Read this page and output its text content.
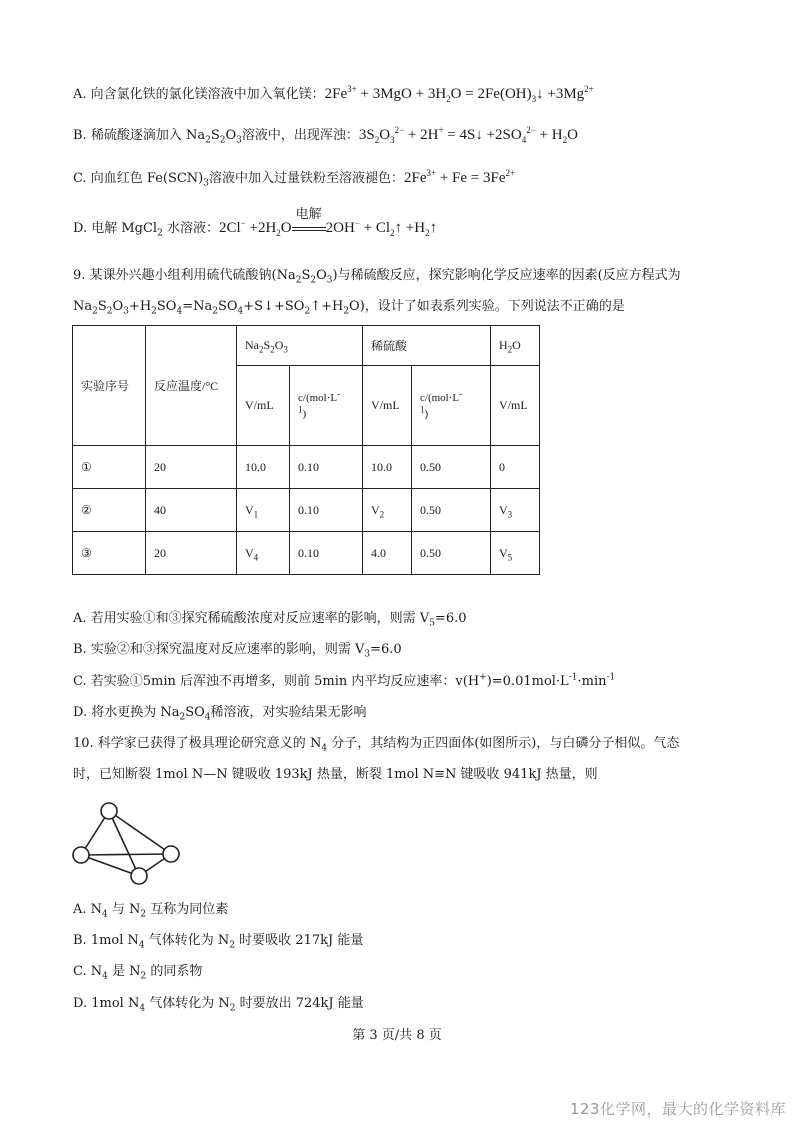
A. 向含氯化铁的氯化镁溶液中加入氧化镁：$2Fe^{3+} + 3MgO + 3H_2O$ = $2Fe(OH)_3↓ +3Mg^{2+}$
B. 稀硫酸逐滴加入 $Na_2S_2O_3$溶液中，出现浑浊：$3S_2O_3^{2-} + 2H^+$ = 4S↓ $+2SO_4^{2-} + H_2O$
C. 向血红色 $Fe(SCN)_3$溶液中加入过量铁粉至溶液褪色：$2Fe^{3+} + Fe = 3Fe^{2+}$
D. 电解 MgCl$_2$ 水溶液：$2Cl^- +2H_2O$
电解
$2OH^- + Cl_2↑$ $+H_2↑$
9. 某课外兴趣小组利用硫代硫酸钠$(Na_2S_2O_3)$与稀硫酸反应，探究影响化学反应速率的因素(反应方程式为
$Na_2S_2O_3+H_2SO_4=Na_2SO_4+S↓+SO_2↑+H_2O$)，设计了如表系列实验。下列说法不正确的是
实验序号	反应温度/°C	$Na_2S_2O_3$		稀硫酸		$H_2O$
		V/mL	c/(mol·L-
$^1$)	V/mL	c/(mol·L-
$^1$)	V/mL
①	20	10.0	0.10	10.0	0.50	0
②	40	$V_1$	0.10	$V_2$	0.50	$V_3$
③	20	$V_4$	0.10	4.0	0.50	$V_5$
A. 若用实验①和③探究稀硫酸浓度对反应速率的影响，则需 $V_5=6.0$
B. 实验②和③探究温度对反应速率的影响，则需 $V_3=6.0$
C. 若实验①5min 后浑浊不再增多，则前 5min 内平均反应速率：$v(H^+)=0.01mol\cdot L^{-1}\cdot\min^{-1}$
D. 将水更换为 $Na_2SO_4$稀溶液，对实验结果无影响
10. 科学家已获得了极具理论研究意义的 $N_4$ 分子，其结构为正四面体(如图所示)，与白磷分子相似。气态
时，已知断裂 1mol N—N 键吸收 193kJ 热量，断裂 1mol N≡N 键吸收 941kJ 热量，则
A. $N_4$ 与 $N_2$ 互称为同位素
B. 1mol $N_4$ 气体转化为 $N_2$ 时要吸收 217kJ 能量
C. $N_4$ 是 $N_2$ 的同系物
D. 1mol $N_4$ 气体转化为 $N_2$ 时要放出 724kJ 能量
第 3 页/共 8 页
123化学网，最大的化学资料库
